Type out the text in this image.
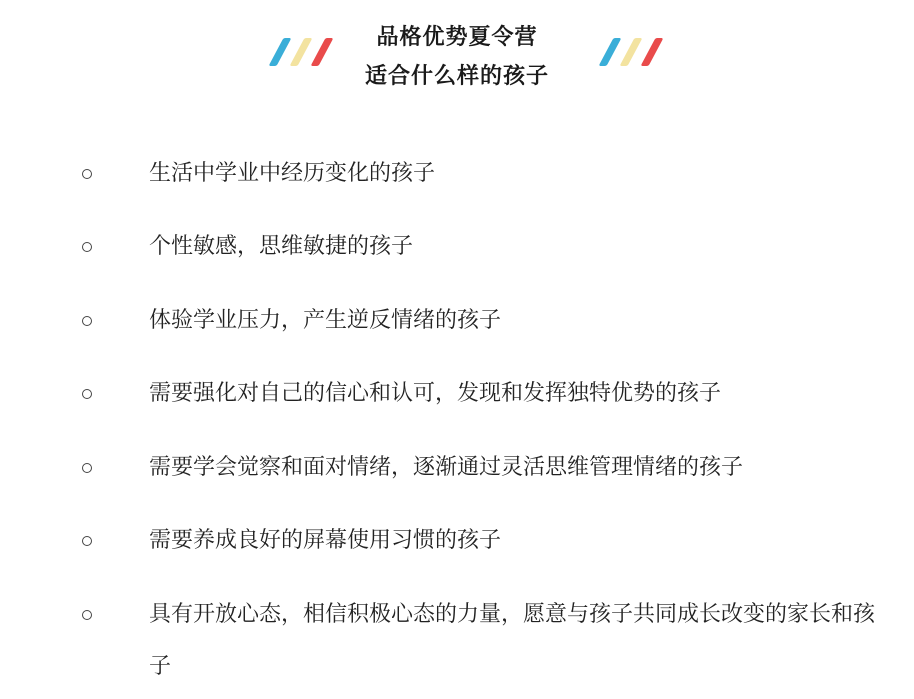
品格优势夏令营
适合什么样的孩子
生活中学业中经历变化的孩子
个性敏感，思维敏捷的孩子
体验学业压力，产生逆反情绪的孩子
需要强化对自己的信心和认可，发现和发挥独特优势的孩子
需要学会觉察和面对情绪，逐渐通过灵活思维管理情绪的孩子
需要养成良好的屏幕使用习惯的孩子
具有开放心态，相信积极心态的力量，愿意与孩子共同成长改变的家长和孩子
